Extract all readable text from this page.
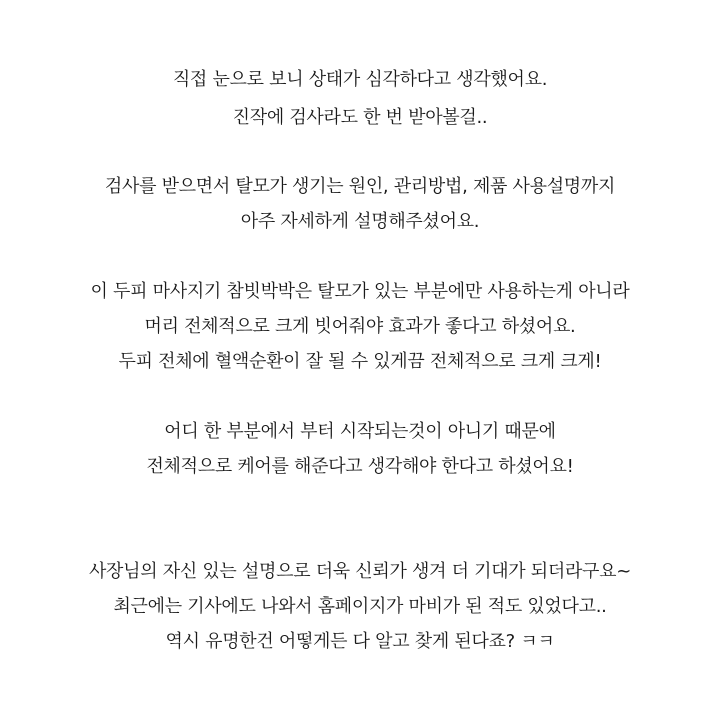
직접 눈으로 보니 상태가 심각하다고 생각했어요.
진작에 검사라도 한 번 받아볼걸..
검사를 받으면서 탈모가 생기는 원인, 관리방법, 제품 사용설명까지
아주 자세하게 설명해주셨어요.
이 두피 마사지기 참빗박박은 탈모가 있는 부분에만 사용하는게 아니라
머리 전체적으로 크게 빗어줘야 효과가 좋다고 하셨어요.
두피 전체에 혈액순환이 잘 될 수 있게끔 전체적으로 크게 크게!
어디 한 부분에서 부터 시작되는것이 아니기 때문에
전체적으로 케어를 해준다고 생각해야 한다고 하셨어요!
사장님의 자신 있는 설명으로 더욱 신뢰가 생겨 더 기대가 되더라구요~
최근에는 기사에도 나와서 홈페이지가 마비가 된 적도 있었다고..
역시 유명한건 어떻게든 다 알고 찾게 된다죠? ㅋㅋ
